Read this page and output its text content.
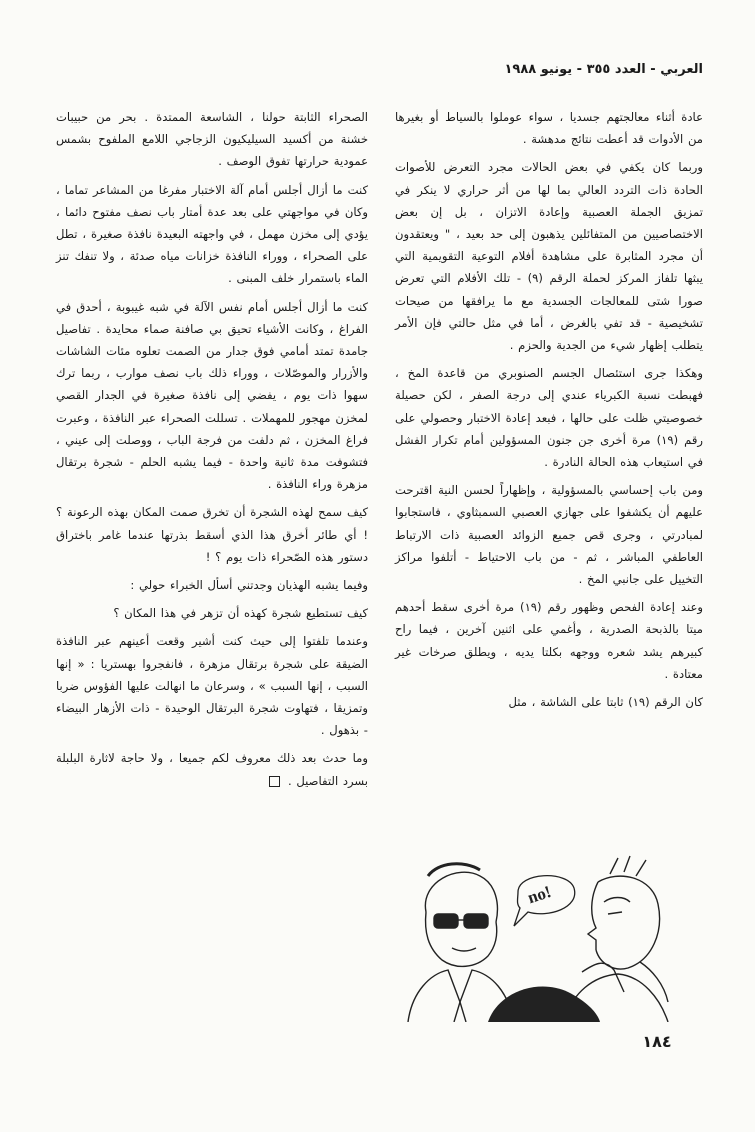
العربي - العدد ٣٥٥ - يونيو ١٩٨٨

عادة أثناء معالجتهم جسديا ، سواء عوملوا بالسياط أو بغيرها من الأدوات قد أعطت نتائج مدهشة .

وربما كان يكفي في بعض الحالات مجرد التعرض للأصوات الحادة ذات التردد العالي بما لها من أثر حراري لا ينكر في تمزيق الجملة العصبية وإعادة الاتزان ، بل إن بعض الاختصاصيين من المتفائلين يذهبون إلى حد بعيد ، " ويعتقدون أن مجرد المثابرة على مشاهدة أفلام التوعية التقويمية التي يبثها تلفاز المركز لحملة الرقم (٩) - تلك الأفلام التي تعرض صورا شتى للمعالجات الجسدية مع ما يرافقها من صيحات تشخيصية - قد تفي بالغرض ، أما في مثل حالتي فإن الأمر يتطلب إظهار شيء من الجدية والحزم .

وهكذا جرى استئصال الجسم الصنوبري من قاعدة المخ ، فهبطت نسبة الكبرياء عندي إلى درجة الصفر ، لكن حصيلة خصوصيتي ظلت على حالها ، فبعد إعادة الاختبار وحصولي على رقم (١٩) مرة أخرى جن جنون المسؤولين أمام تكرار الفشل في استيعاب هذه الحالة النادرة .

ومن باب إحساسي بالمسؤولية ، وإظهاراً لحسن النية اقترحت عليهم أن يكشفوا على جهازي العصبي السمبثاوي ، فاستجابوا لمبادرتي ، وجرى قص جميع الزوائد العصبية ذات الارتباط العاطفي المباشر ، ثم - من باب الاحتياط - أتلفوا مراكز التخييل على جانبي المخ .

وعند إعادة الفحص وظهور رقم (١٩) مرة أخرى سقط أحدهم ميتا بالذبحة الصدرية ، وأغمي على اثنين آخرين ، فيما راح كبيرهم يشد شعره ووجهه بكلتا يديه ، ويطلق صرخات غير معتادة .

كان الرقم (١٩) ثابتا على الشاشة ، مثل

الصحراء الثابتة حولنا ، الشاسعة الممتدة . بحر من حبيبات خشنة من أكسيد السيليكيون الزجاجي اللامع الملفوح بشمس عمودية حرارتها تفوق الوصف .

كنت ما أزال أجلس أمام آلة الاختبار مفرغا من المشاعر تماما ، وكان في مواجهتي على بعد عدة أمتار باب نصف مفتوح دائما ، يؤدي إلى مخزن مهمل ، في واجهته البعيدة نافذة صغيرة ، تطل على الصحراء ، ووراء النافذة خزانات مياه صدئة ، ولا تنفك تنز الماء باستمرار خلف المبنى .

كنت ما أزال أجلس أمام نفس الآلة في شبه غيبوبة ، أحدق في الفراغ ، وكانت الأشياء تحيق بي صافنة صماء محايدة . تفاصيل جامدة تمتد أمامي فوق جدار من الصمت تعلوه مئات الشاشات والأزرار والموصّلات ، ووراء ذلك باب نصف موارب ، ربما ترك سهوا ذات يوم ، يفضي إلى نافذة صغيرة في الجدار القصي لمخزن مهجور للمهملات . تسللت الصحراء عبر النافذة ، وعبرت فراغ المخزن ، ثم دلفت من فرجة الباب ، ووصلت إلى عيني ، فتشوفت مدة ثانية واحدة - فيما يشبه الحلم - شجرة برتقال مزهرة وراء النافذة .

كيف سمح لهذه الشجرة أن تخرق صمت المكان بهذه الرعونة ؟ ! أي طائر أخرق هذا الذي أسقط بذرتها عندما غامر باختراق دستور هذه الصّحراء ذات يوم ؟ !

وفيما يشبه الهذيان وجدتني أسأل الخبراء حولي :

كيف تستطيع شجرة كهذه أن تزهر في هذا المكان ؟

وعندما تلفتوا إلى حيث كنت أشير وقعت أعينهم عبر النافذة الضيقة على شجرة برتقال مزهرة ، فانفجروا بهستريا : « إنها السبب ، إنها السبب » ، وسرعان ما انهالت عليها الفؤوس ضربا وتمزيقا ، فتهاوت شجرة البرتقال الوحيدة - ذات الأزهار البيضاء - بذهول .

وما حدث بعد ذلك معروف لكم جميعا ، ولا حاجة لاثارة البلبلة بسرد التفاصيل .

no!
١٨٤
